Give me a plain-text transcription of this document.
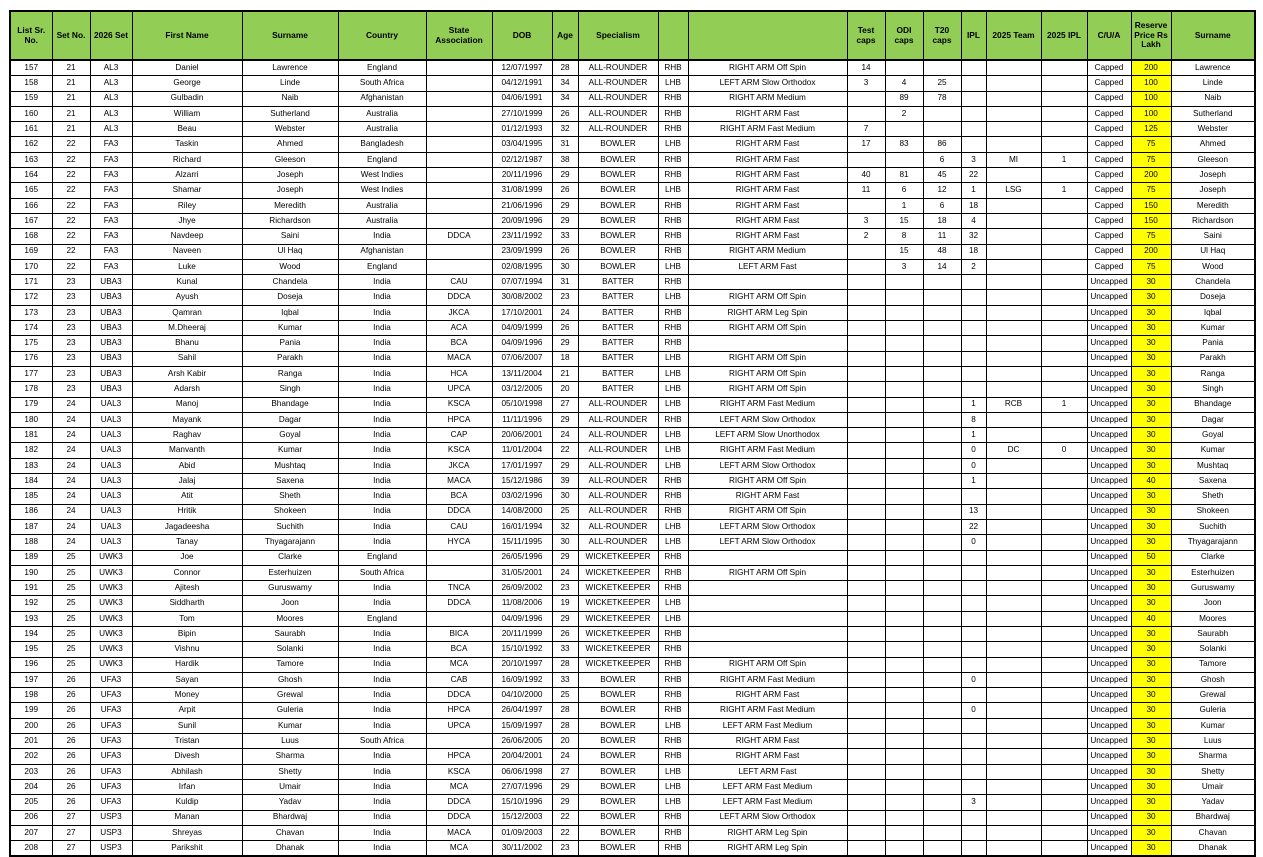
List Sr. No.	Set No.	2026 Set	First Name	Surname	Country	State Association	DOB	Age	Specialism			Test caps	ODI caps	T20 caps	IPL	2025 Team	2025 IPL	C/U/A	Reserve Price Rs Lakh	Surname
157	21	AL3	Daniel	Lawrence	England		12/07/1997	28	ALL-ROUNDER	RHB	RIGHT ARM Off Spin	14						Capped	200	Lawrence
158	21	AL3	George	Linde	South Africa		04/12/1991	34	ALL-ROUNDER	LHB	LEFT ARM Slow Orthodox	3	4	25				Capped	100	Linde
159	21	AL3	Gulbadin	Naib	Afghanistan		04/06/1991	34	ALL-ROUNDER	RHB	RIGHT ARM Medium		89	78				Capped	100	Naib
160	21	AL3	William	Sutherland	Australia		27/10/1999	26	ALL-ROUNDER	RHB	RIGHT ARM Fast		2					Capped	100	Sutherland
161	21	AL3	Beau	Webster	Australia		01/12/1993	32	ALL-ROUNDER	RHB	RIGHT ARM Fast Medium	7						Capped	125	Webster
162	22	FA3	Taskin	Ahmed	Bangladesh		03/04/1995	31	BOWLER	LHB	RIGHT ARM Fast	17	83	86				Capped	75	Ahmed
163	22	FA3	Richard	Gleeson	England		02/12/1987	38	BOWLER	RHB	RIGHT ARM Fast			6	3	MI	1	Capped	75	Gleeson
164	22	FA3	Alzarri	Joseph	West Indies		20/11/1996	29	BOWLER	RHB	RIGHT ARM Fast	40	81	45	22			Capped	200	Joseph
165	22	FA3	Shamar	Joseph	West Indies		31/08/1999	26	BOWLER	LHB	RIGHT ARM Fast	11	6	12	1	LSG	1	Capped	75	Joseph
166	22	FA3	Riley	Meredith	Australia		21/06/1996	29	BOWLER	RHB	RIGHT ARM Fast		1	6	18			Capped	150	Meredith
167	22	FA3	Jhye	Richardson	Australia		20/09/1996	29	BOWLER	RHB	RIGHT ARM Fast	3	15	18	4			Capped	150	Richardson
168	22	FA3	Navdeep	Saini	India	DDCA	23/11/1992	33	BOWLER	RHB	RIGHT ARM Fast	2	8	11	32			Capped	75	Saini
169	22	FA3	Naveen	Ul Haq	Afghanistan		23/09/1999	26	BOWLER	RHB	RIGHT ARM Medium		15	48	18			Capped	200	Ul Haq
170	22	FA3	Luke	Wood	England		02/08/1995	30	BOWLER	LHB	LEFT ARM Fast		3	14	2			Capped	75	Wood
171	23	UBA3	Kunal	Chandela	India	CAU	07/07/1994	31	BATTER	RHB								Uncapped	30	Chandela
172	23	UBA3	Ayush	Doseja	India	DDCA	30/08/2002	23	BATTER	LHB	RIGHT ARM Off Spin							Uncapped	30	Doseja
173	23	UBA3	Qamran	Iqbal	India	JKCA	17/10/2001	24	BATTER	RHB	RIGHT ARM Leg Spin							Uncapped	30	Iqbal
174	23	UBA3	M.Dheeraj	Kumar	India	ACA	04/09/1999	26	BATTER	RHB	RIGHT ARM Off Spin							Uncapped	30	Kumar
175	23	UBA3	Bhanu	Pania	India	BCA	04/09/1996	29	BATTER	RHB								Uncapped	30	Pania
176	23	UBA3	Sahil	Parakh	India	MACA	07/06/2007	18	BATTER	LHB	RIGHT ARM Off Spin							Uncapped	30	Parakh
177	23	UBA3	Arsh Kabir	Ranga	India	HCA	13/11/2004	21	BATTER	LHB	RIGHT ARM Off Spin							Uncapped	30	Ranga
178	23	UBA3	Adarsh	Singh	India	UPCA	03/12/2005	20	BATTER	LHB	RIGHT ARM Off Spin							Uncapped	30	Singh
179	24	UAL3	Manoj	Bhandage	India	KSCA	05/10/1998	27	ALL-ROUNDER	LHB	RIGHT ARM Fast Medium				1	RCB	1	Uncapped	30	Bhandage
180	24	UAL3	Mayank	Dagar	India	HPCA	11/11/1996	29	ALL-ROUNDER	RHB	LEFT ARM Slow Orthodox				8			Uncapped	30	Dagar
181	24	UAL3	Raghav	Goyal	India	CAP	20/06/2001	24	ALL-ROUNDER	LHB	LEFT ARM Slow Unorthodox				1			Uncapped	30	Goyal
182	24	UAL3	Manvanth	Kumar	India	KSCA	11/01/2004	22	ALL-ROUNDER	LHB	RIGHT ARM Fast Medium				0	DC	0	Uncapped	30	Kumar
183	24	UAL3	Abid	Mushtaq	India	JKCA	17/01/1997	29	ALL-ROUNDER	LHB	LEFT ARM Slow Orthodox				0			Uncapped	30	Mushtaq
184	24	UAL3	Jalaj	Saxena	India	MACA	15/12/1986	39	ALL-ROUNDER	RHB	RIGHT ARM Off Spin				1			Uncapped	40	Saxena
185	24	UAL3	Atit	Sheth	India	BCA	03/02/1996	30	ALL-ROUNDER	RHB	RIGHT ARM Fast							Uncapped	30	Sheth
186	24	UAL3	Hritik	Shokeen	India	DDCA	14/08/2000	25	ALL-ROUNDER	RHB	RIGHT ARM Off Spin				13			Uncapped	30	Shokeen
187	24	UAL3	Jagadeesha	Suchith	India	CAU	16/01/1994	32	ALL-ROUNDER	LHB	LEFT ARM Slow Orthodox				22			Uncapped	30	Suchith
188	24	UAL3	Tanay	Thyagarajann	India	HYCA	15/11/1995	30	ALL-ROUNDER	LHB	LEFT ARM Slow Orthodox				0			Uncapped	30	Thyagarajann
189	25	UWK3	Joe	Clarke	England		26/05/1996	29	WICKETKEEPER	RHB								Uncapped	50	Clarke
190	25	UWK3	Connor	Esterhuizen	South Africa		31/05/2001	24	WICKETKEEPER	RHB	RIGHT ARM Off Spin							Uncapped	30	Esterhuizen
191	25	UWK3	Ajitesh	Guruswamy	India	TNCA	26/09/2002	23	WICKETKEEPER	RHB								Uncapped	30	Guruswamy
192	25	UWK3	Siddharth	Joon	India	DDCA	11/08/2006	19	WICKETKEEPER	LHB								Uncapped	30	Joon
193	25	UWK3	Tom	Moores	England		04/09/1996	29	WICKETKEEPER	LHB								Uncapped	40	Moores
194	25	UWK3	Bipin	Saurabh	India	BICA	20/11/1999	26	WICKETKEEPER	RHB								Uncapped	30	Saurabh
195	25	UWK3	Vishnu	Solanki	India	BCA	15/10/1992	33	WICKETKEEPER	RHB								Uncapped	30	Solanki
196	25	UWK3	Hardik	Tamore	India	MCA	20/10/1997	28	WICKETKEEPER	RHB	RIGHT ARM Off Spin							Uncapped	30	Tamore
197	26	UFA3	Sayan	Ghosh	India	CAB	16/09/1992	33	BOWLER	RHB	RIGHT ARM Fast Medium				0			Uncapped	30	Ghosh
198	26	UFA3	Money	Grewal	India	DDCA	04/10/2000	25	BOWLER	RHB	RIGHT ARM Fast							Uncapped	30	Grewal
199	26	UFA3	Arpit	Guleria	India	HPCA	26/04/1997	28	BOWLER	RHB	RIGHT ARM Fast Medium				0			Uncapped	30	Guleria
200	26	UFA3	Sunil	Kumar	India	UPCA	15/09/1997	28	BOWLER	LHB	LEFT ARM Fast Medium							Uncapped	30	Kumar
201	26	UFA3	Tristan	Luus	South Africa		26/06/2005	20	BOWLER	RHB	RIGHT ARM Fast							Uncapped	30	Luus
202	26	UFA3	Divesh	Sharma	India	HPCA	20/04/2001	24	BOWLER	RHB	RIGHT ARM Fast							Uncapped	30	Sharma
203	26	UFA3	Abhilash	Shetty	India	KSCA	06/06/1998	27	BOWLER	LHB	LEFT ARM Fast							Uncapped	30	Shetty
204	26	UFA3	Irfan	Umair	India	MCA	27/07/1996	29	BOWLER	LHB	LEFT ARM Fast Medium							Uncapped	30	Umair
205	26	UFA3	Kuldip	Yadav	India	DDCA	15/10/1996	29	BOWLER	LHB	LEFT ARM Fast Medium				3			Uncapped	30	Yadav
206	27	USP3	Manan	Bhardwaj	India	DDCA	15/12/2003	22	BOWLER	RHB	LEFT ARM Slow Orthodox							Uncapped	30	Bhardwaj
207	27	USP3	Shreyas	Chavan	India	MACA	01/09/2003	22	BOWLER	RHB	RIGHT ARM Leg Spin							Uncapped	30	Chavan
208	27	USP3	Parikshit	Dhanak	India	MCA	30/11/2002	23	BOWLER	RHB	RIGHT ARM Leg Spin							Uncapped	30	Dhanak
